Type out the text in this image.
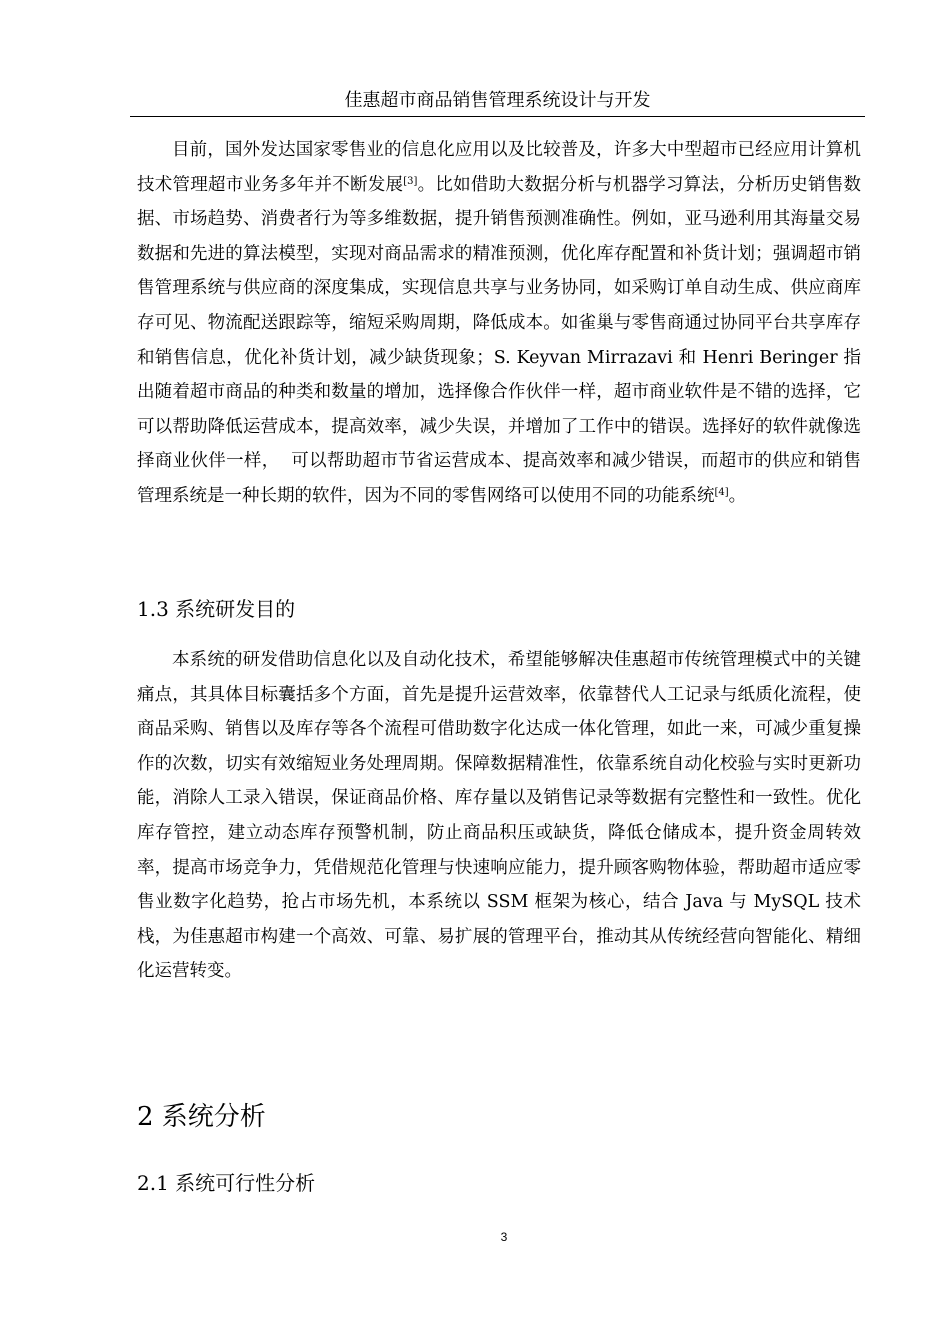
佳惠超市商品销售管理系统设计与开发

目前，国外发达国家零售业的信息化应用以及比较普及，许多大中型超市已经应用计算机技术管理超市业务多年并不断发展[3]。比如借助大数据分析与机器学习算法，分析历史销售数据、市场趋势、消费者行为等多维数据，提升销售预测准确性。例如，亚马逊利用其海量交易数据和先进的算法模型，实现对商品需求的精准预测，优化库存配置和补货计划；强调超市销售管理系统与供应商的深度集成，实现信息共享与业务协同，如采购订单自动生成、供应商库存可见、物流配送跟踪等，缩短采购周期，降低成本。如雀巢与零售商通过协同平台共享库存和销售信息，优化补货计划，减少缺货现象；S. Keyvan Mirrazavi 和 Henri Beringer 指出随着超市商品的种类和数量的增加，选择像合作伙伴一样，超市商业软件是不错的选择，它可以帮助降低运营成本，提高效率，减少失误，并增加了工作中的错误。选择好的软件就像选择商业伙伴一样，  可以帮助超市节省运营成本、提高效率和减少错误，而超市的供应和销售管理系统是一种长期的软件，因为不同的零售网络可以使用不同的功能系统[4]。

1.3 系统研发目的

本系统的研发借助信息化以及自动化技术，希望能够解决佳惠超市传统管理模式中的关键痛点，其具体目标囊括多个方面，首先是提升运营效率，依靠替代人工记录与纸质化流程，使商品采购、销售以及库存等各个流程可借助数字化达成一体化管理，如此一来，可减少重复操作的次数，切实有效缩短业务处理周期。保障数据精准性，依靠系统自动化校验与实时更新功能，消除人工录入错误，保证商品价格、库存量以及销售记录等数据有完整性和一致性。优化库存管控，建立动态库存预警机制，防止商品积压或缺货，降低仓储成本，提升资金周转效率，提高市场竞争力，凭借规范化管理与快速响应能力，提升顾客购物体验，帮助超市适应零售业数字化趋势，抢占市场先机，本系统以 SSM 框架为核心，结合 Java 与 MySQL 技术栈，为佳惠超市构建一个高效、可靠、易扩展的管理平台，推动其从传统经营向智能化、精细化运营转变。

2 系统分析
2.1 系统可行性分析
3
